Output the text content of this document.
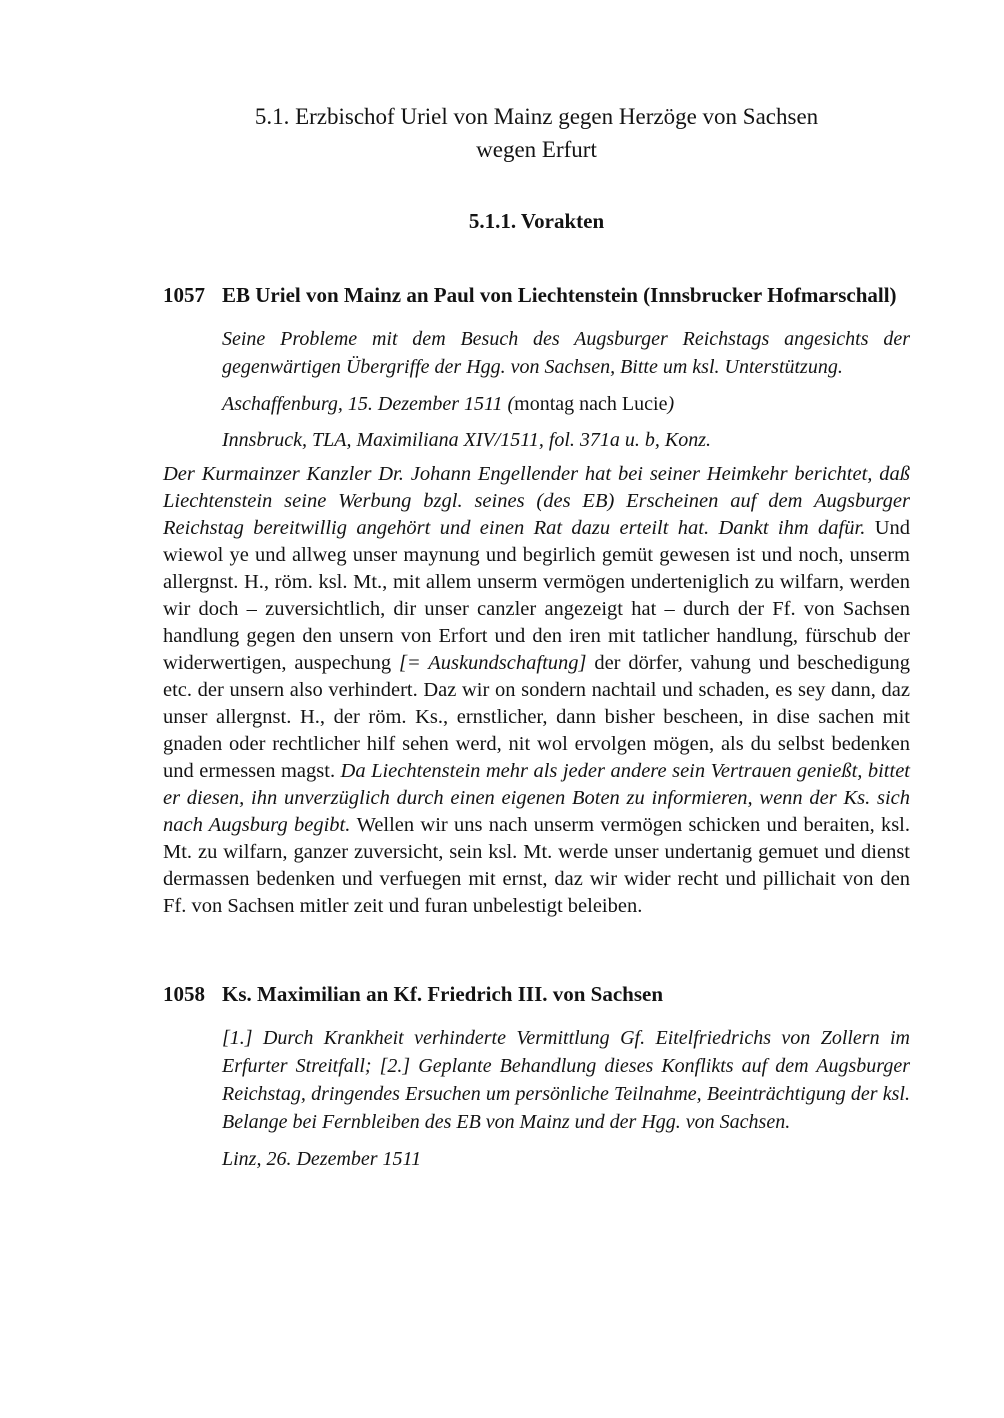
5.1. Erzbischof Uriel von Mainz gegen Herzöge von Sachsen
wegen Erfurt
5.1.1. Vorakten
1057 EB Uriel von Mainz an Paul von Liechtenstein (Innsbrucker Hofmarschall)

Seine Probleme mit dem Besuch des Augsburger Reichstags angesichts der gegenwärtigen Übergriffe der Hgg. von Sachsen, Bitte um ksl. Unterstützung.

Aschaffenburg, 15. Dezember 1511 (montag nach Lucie)

Innsbruck, TLA, Maximiliana XIV/1511, fol. 371a u. b, Konz.

Der Kurmainzer Kanzler Dr. Johann Engellender hat bei seiner Heimkehr berichtet, daß Liechtenstein seine Werbung bzgl. seines (des EB) Erscheinen auf dem Augsburger Reichstag bereitwillig angehört und einen Rat dazu erteilt hat. Dankt ihm dafür. Und wiewol ye und allweg unser maynung und begirlich gemüt gewesen ist und noch, unserm allergnst. H., röm. ksl. Mt., mit allem unserm vermögen underteniglich zu wilfarn, werden wir doch – zuversichtlich, dir unser canzler angezeigt hat – durch der Ff. von Sachsen handlung gegen den unsern von Erfort und den iren mit tatlicher handlung, fürschub der widerwertigen, auspechung [= Auskundschaftung] der dörfer, vahung und beschedigung etc. der unsern also verhindert. Daz wir on sondern nachtail und schaden, es sey dann, daz unser allergnst. H., der röm. Ks., ernstlicher, dann bisher bescheen, in dise sachen mit gnaden oder rechtlicher hilf sehen werd, nit wol ervolgen mögen, als du selbst bedenken und ermessen magst. Da Liechtenstein mehr als jeder andere sein Vertrauen genießt, bittet er diesen, ihn unverzüglich durch einen eigenen Boten zu informieren, wenn der Ks. sich nach Augsburg begibt. Wellen wir uns nach unserm vermögen schicken und beraiten, ksl. Mt. zu wilfarn, ganzer zuversicht, sein ksl. Mt. werde unser undertanig gemuet und dienst dermassen bedenken und verfuegen mit ernst, daz wir wider recht und pillichait von den Ff. von Sachsen mitler zeit und furan unbelestigt beleiben.

1058 Ks. Maximilian an Kf. Friedrich III. von Sachsen

[1.] Durch Krankheit verhinderte Vermittlung Gf. Eitelfriedrichs von Zollern im Erfurter Streitfall; [2.] Geplante Behandlung dieses Konflikts auf dem Augsburger Reichstag, dringendes Ersuchen um persönliche Teilnahme, Beeinträchtigung der ksl. Belange bei Fernbleiben des EB von Mainz und der Hgg. von Sachsen.

Linz, 26. Dezember 1511
